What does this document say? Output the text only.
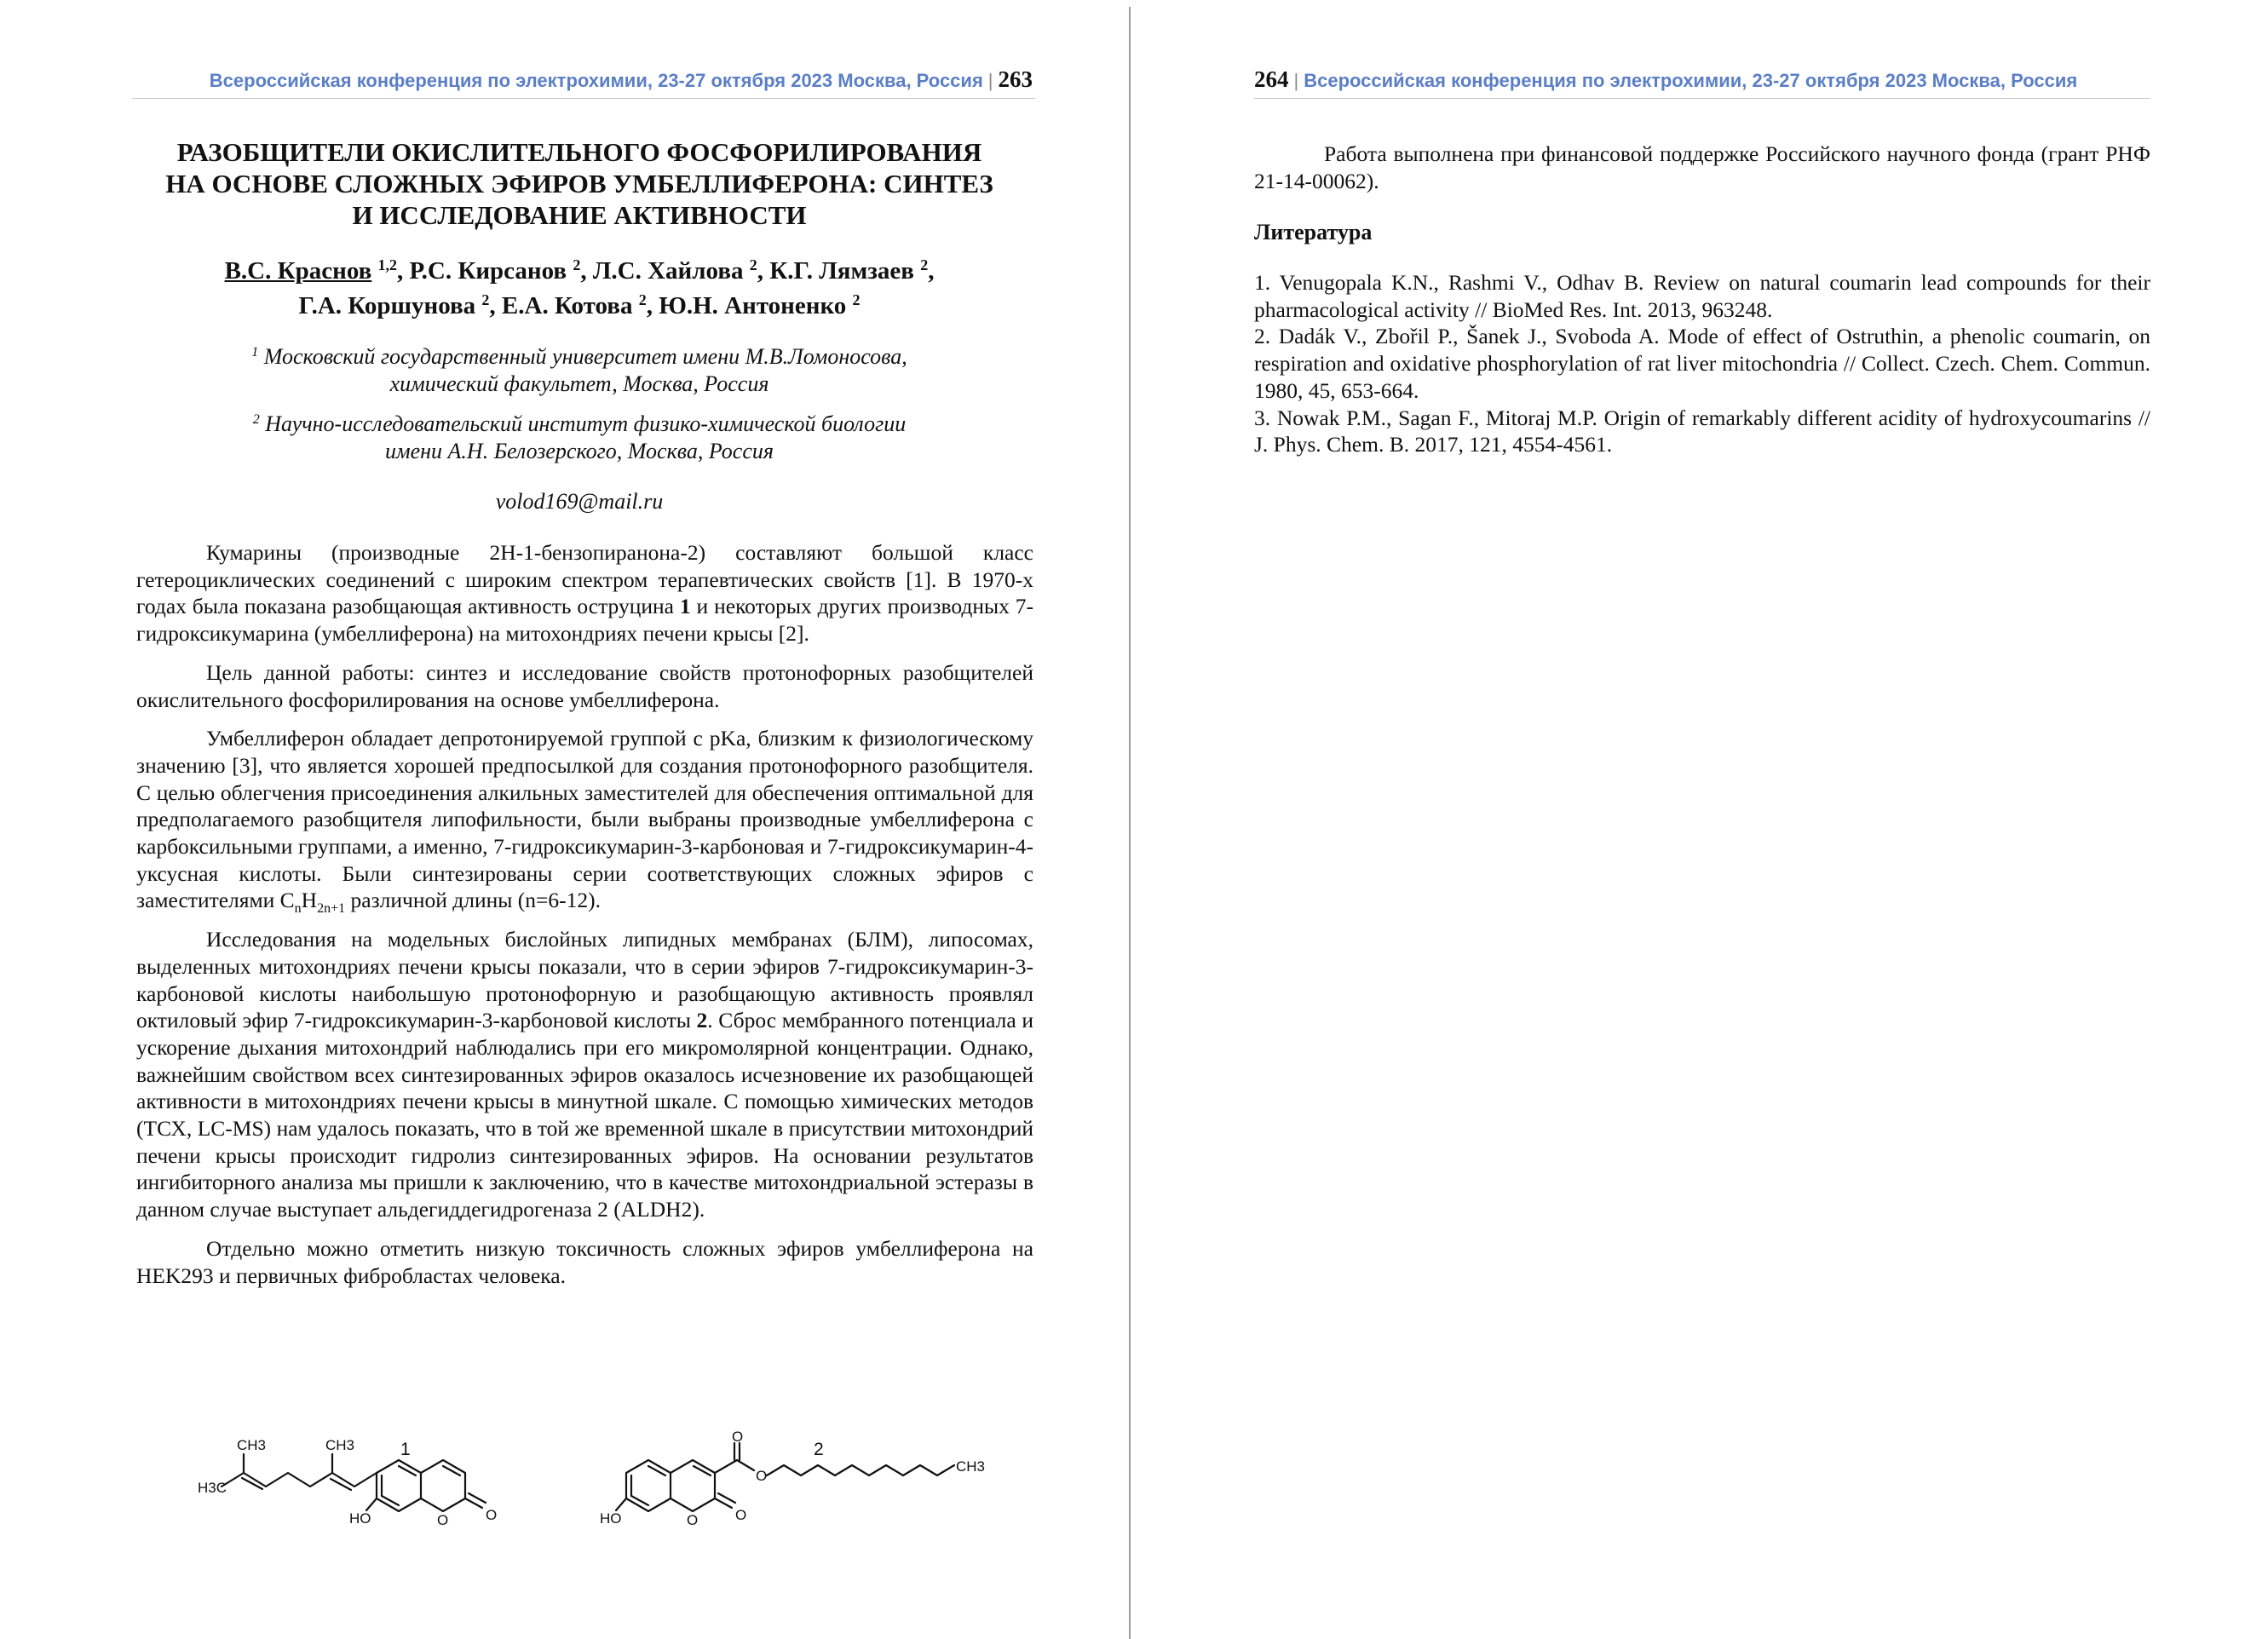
Всероссийская конференция по электрохимии, 23-27 октября 2023 Москва, Россия | 263
РАЗОБЩИТЕЛИ ОКИСЛИТЕЛЬНОГО ФОСФОРИЛИРОВАНИЯ
НА ОСНОВЕ СЛОЖНЫХ ЭФИРОВ УМБЕЛЛИФЕРОНА: СИНТЕЗ
И ИССЛЕДОВАНИЕ АКТИВНОСТИ
В.С. Краснов $^{1,2}$, Р.С. Кирсанов $^2$, Л.С. Хайлова $^2$, К.Г. Лямзаев $^2$,
Г.А. Коршунова $^2$, Е.А. Котова $^2$, Ю.Н. Антоненко $^2$
$^1$ Московский государственный университет имени М.В.Ломоносова,
химический факультет, Москва, Россия
$^2$ Научно-исследовательский институт физико-химической биологии
имени А.Н. Белозерского, Москва, Россия
volod169@mail.ru

Кумарины (производные 2H-1-бензопиранона-2) составляют большой класс гетероциклических соединений с широким спектром терапевтических свойств [1]. В 1970-х годах была показана разобщающая активность оструцина 1 и некоторых других производных 7-гидроксикумарина (умбеллиферона) на митохондриях печени крысы [2].

Цель данной работы: синтез и исследование свойств протонофорных разобщителей окислительного фосфорилирования на основе умбеллиферона.

Умбеллиферон обладает депротонируемой группой с pKa, близким к физиологическому значению [3], что является хорошей предпосылкой для создания протонофорного разобщителя. С целью облегчения присоединения алкильных заместителей для обеспечения оптимальной для предполагаемого разобщителя липофильности, были выбраны производные умбеллиферона с карбоксильными группами, а именно, 7-гидроксикумарин-3-карбоновая и 7-гидроксикумарин-4-уксусная кислоты. Были синтезированы серии соответствующих сложных эфиров с заместителями $C_nH_{2n+1}$ различной длины (n=6-12).

Исследования на модельных бислойных липидных мембранах (БЛМ), липосомах, выделенных митохондриях печени крысы показали, что в серии эфиров 7-гидроксикумарин-3-карбоновой кислоты наибольшую протонофорную и разобщающую активность проявлял октиловый эфир 7-гидроксикумарин-3-карбоновой кислоты 2. Сброс мембранного потенциала и ускорение дыхания митохондрий наблюдались при его микромолярной концентрации. Однако, важнейшим свойством всех синтезированных эфиров оказалось исчезновение их разобщающей активности в митохондриях печени крысы в минутной шкале. С помощью химических методов (ТСХ, LC-MS) нам удалось показать, что в той же временной шкале в присутствии митохондрий печени крысы происходит гидролиз синтезированных эфиров. На основании результатов ингибиторного анализа мы пришли к заключению, что в качестве митохондриальной эстеразы в данном случае выступает альдегиддегидрогеназа 2 (ALDH2).

Отдельно можно отметить низкую токсичность сложных эфиров умбеллиферона на HEK293 и первичных фибробластах человека.

CH3	CH3
H3C
HO	O	O
1
HO	O	O
O
O
CH3
2
264 | Всероссийская конференция по электрохимии, 23-27 октября 2023 Москва, Россия

Работа выполнена при финансовой поддержке Российского научного фонда (грант РНФ 21-14-00062).

Литература

1. Venugopala K.N., Rashmi V., Odhav B. Review on natural coumarin lead compounds for their pharmacological activity // BioMed Res. Int. 2013, 963248.

2. Dadák V., Zbořil P., Šanek J., Svoboda A. Mode of effect of Ostruthin, a phenolic coumarin, on respiration and oxidative phosphorylation of rat liver mitochondria // Collect. Czech. Chem. Commun. 1980, 45, 653-664.

3. Nowak P.M., Sagan F., Mitoraj M.P. Origin of remarkably different acidity of hydroxycoumarins // J. Phys. Chem. B. 2017, 121, 4554-4561.
